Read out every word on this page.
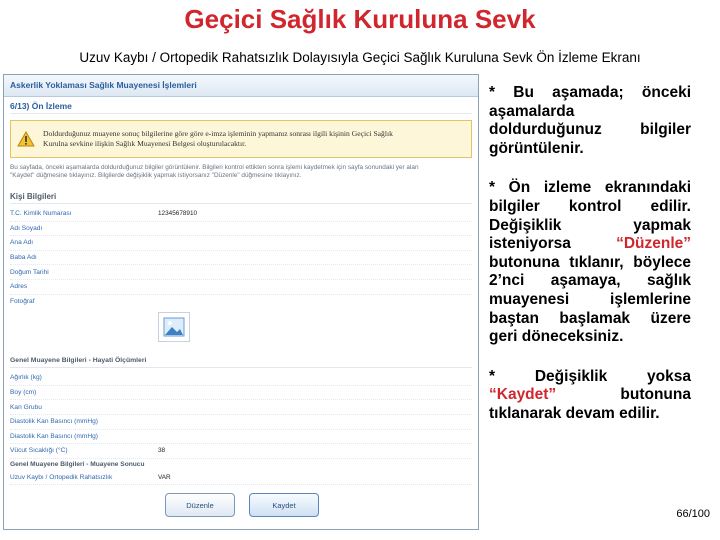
Geçici Sağlık Kuruluna Sevk
Uzuv Kaybı / Ortopedik Rahatsızlık Dolayısıyla Geçici Sağlık Kuruluna Sevk Ön İzleme Ekranı
Askerlik Yoklaması Sağlık Muayenesi İşlemleri
6/13) Ön İzleme
Doldurduğunuz muayene sonuç bilgilerine göre göre e-imza işleminin yapmanız sonrası ilgili kişinin Geçici Sağlık
Kurulna sevkine ilişkin Sağlık Muayenesi Belgesi oluşturulacaktır.
Bu sayfada, önceki aşamalarda doldurduğunuz bilgiler görüntülenir. Bilgileri kontrol ettikten sonra işlemi kaydetmek için sayfa sonundaki yer alan
"Kaydet" düğmesine tıklayınız. Bilgilerde değişiklik yapmak istiyorsanız "Düzenle" düğmesine tıklayınız.
Kişi Bilgileri
T.C. Kimlik Numarası	12345678910
Adı Soyadı
Ana Adı
Baba Adı
Doğum Tarihi
Adres
Fotoğraf
Genel Muayene Bilgileri - Hayati Ölçümleri
Ağırlık (kg)
Boy (cm)
Kan Grubu
Diastolik Kan Basıncı (mmHg)
Diastolik Kan Basıncı (mmHg)
Vücut Sıcaklığı (°C)	38
Genel Muayene Bilgileri - Muayene Sonucu
Uzuv Kaybı / Ortopedik Rahatsızlık	VAR
Düzenle	Kaydet
* Bu aşamada; önceki aşamalarda doldurduğunuz bilgiler görüntülenir.
* Ön izleme ekranındaki bilgiler kontrol edilir. Değişiklik yapmak isteniyorsa “Düzenle” butonuna tıklanır, böylece 2’nci aşamaya, sağlık muayenesi işlemlerine baştan başlamak üzere geri döneceksiniz.
* Değişiklik yoksa “Kaydet” butonuna tıklanarak devam edilir.
66/100
